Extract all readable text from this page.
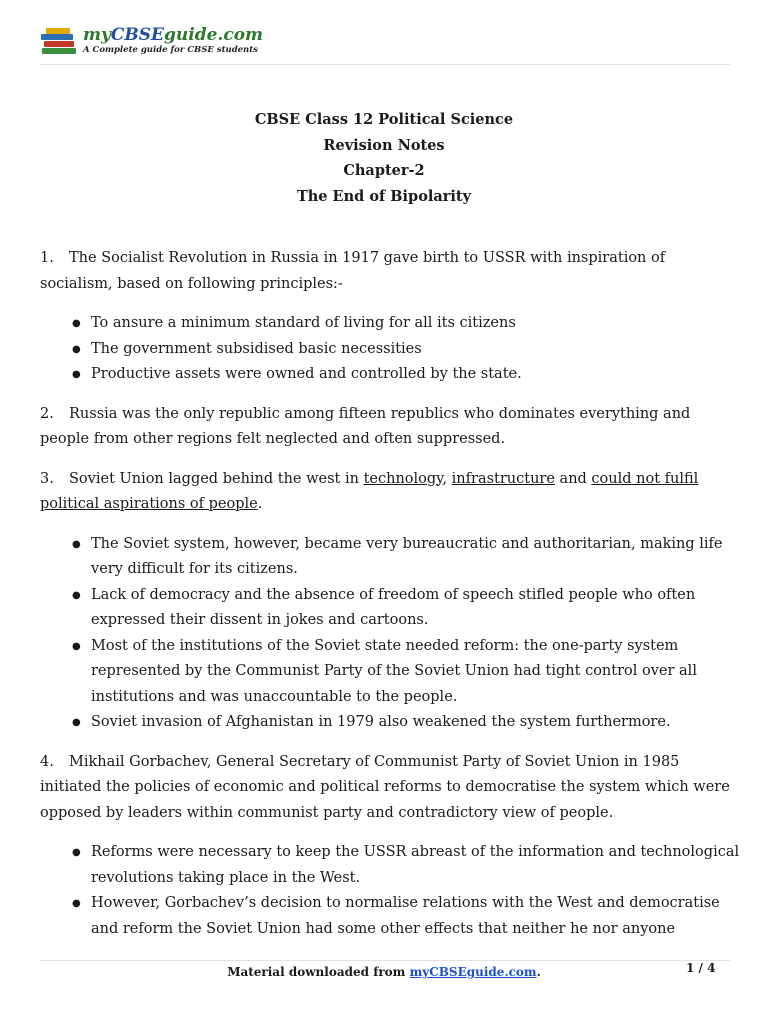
myCBSEguide.com
A Complete guide for CBSE students
CBSE Class 12 Political Science
Revision Notes
Chapter-2
The End of Bipolarity

1. The Socialist Revolution in Russia in 1917 gave birth to USSR with inspiration of socialism, based on following principles:-

● To ansure a minimum standard of living for all its citizens
● The government subsidised basic necessities
● Productive assets were owned and controlled by the state.

2. Russia was the only republic among fifteen republics who dominates everything and people from other regions felt neglected and often suppressed.

3. Soviet Union lagged behind the west in technology, infrastructure and could not fulfil political aspirations of people.

● The Soviet system, however, became very bureaucratic and authoritarian, making life very difficult for its citizens.
● Lack of democracy and the absence of freedom of speech stifled people who often expressed their dissent in jokes and cartoons.
● Most of the institutions of the Soviet state needed reform: the one-party system represented by the Communist Party of the Soviet Union had tight control over all institutions and was unaccountable to the people.
● Soviet invasion of Afghanistan in 1979 also weakened the system furthermore.

4. Mikhail Gorbachev, General Secretary of Communist Party of Soviet Union in 1985 initiated the policies of economic and political reforms to democratise the system which were opposed by leaders within communist party and contradictory view of people.

● Reforms were necessary to keep the USSR abreast of the information and technological revolutions taking place in the West.
● However, Gorbachev’s decision to normalise relations with the West and democratise and reform the Soviet Union had some other effects that neither he nor anyone
Material downloaded from myCBSEguide.com.	1 / 4
